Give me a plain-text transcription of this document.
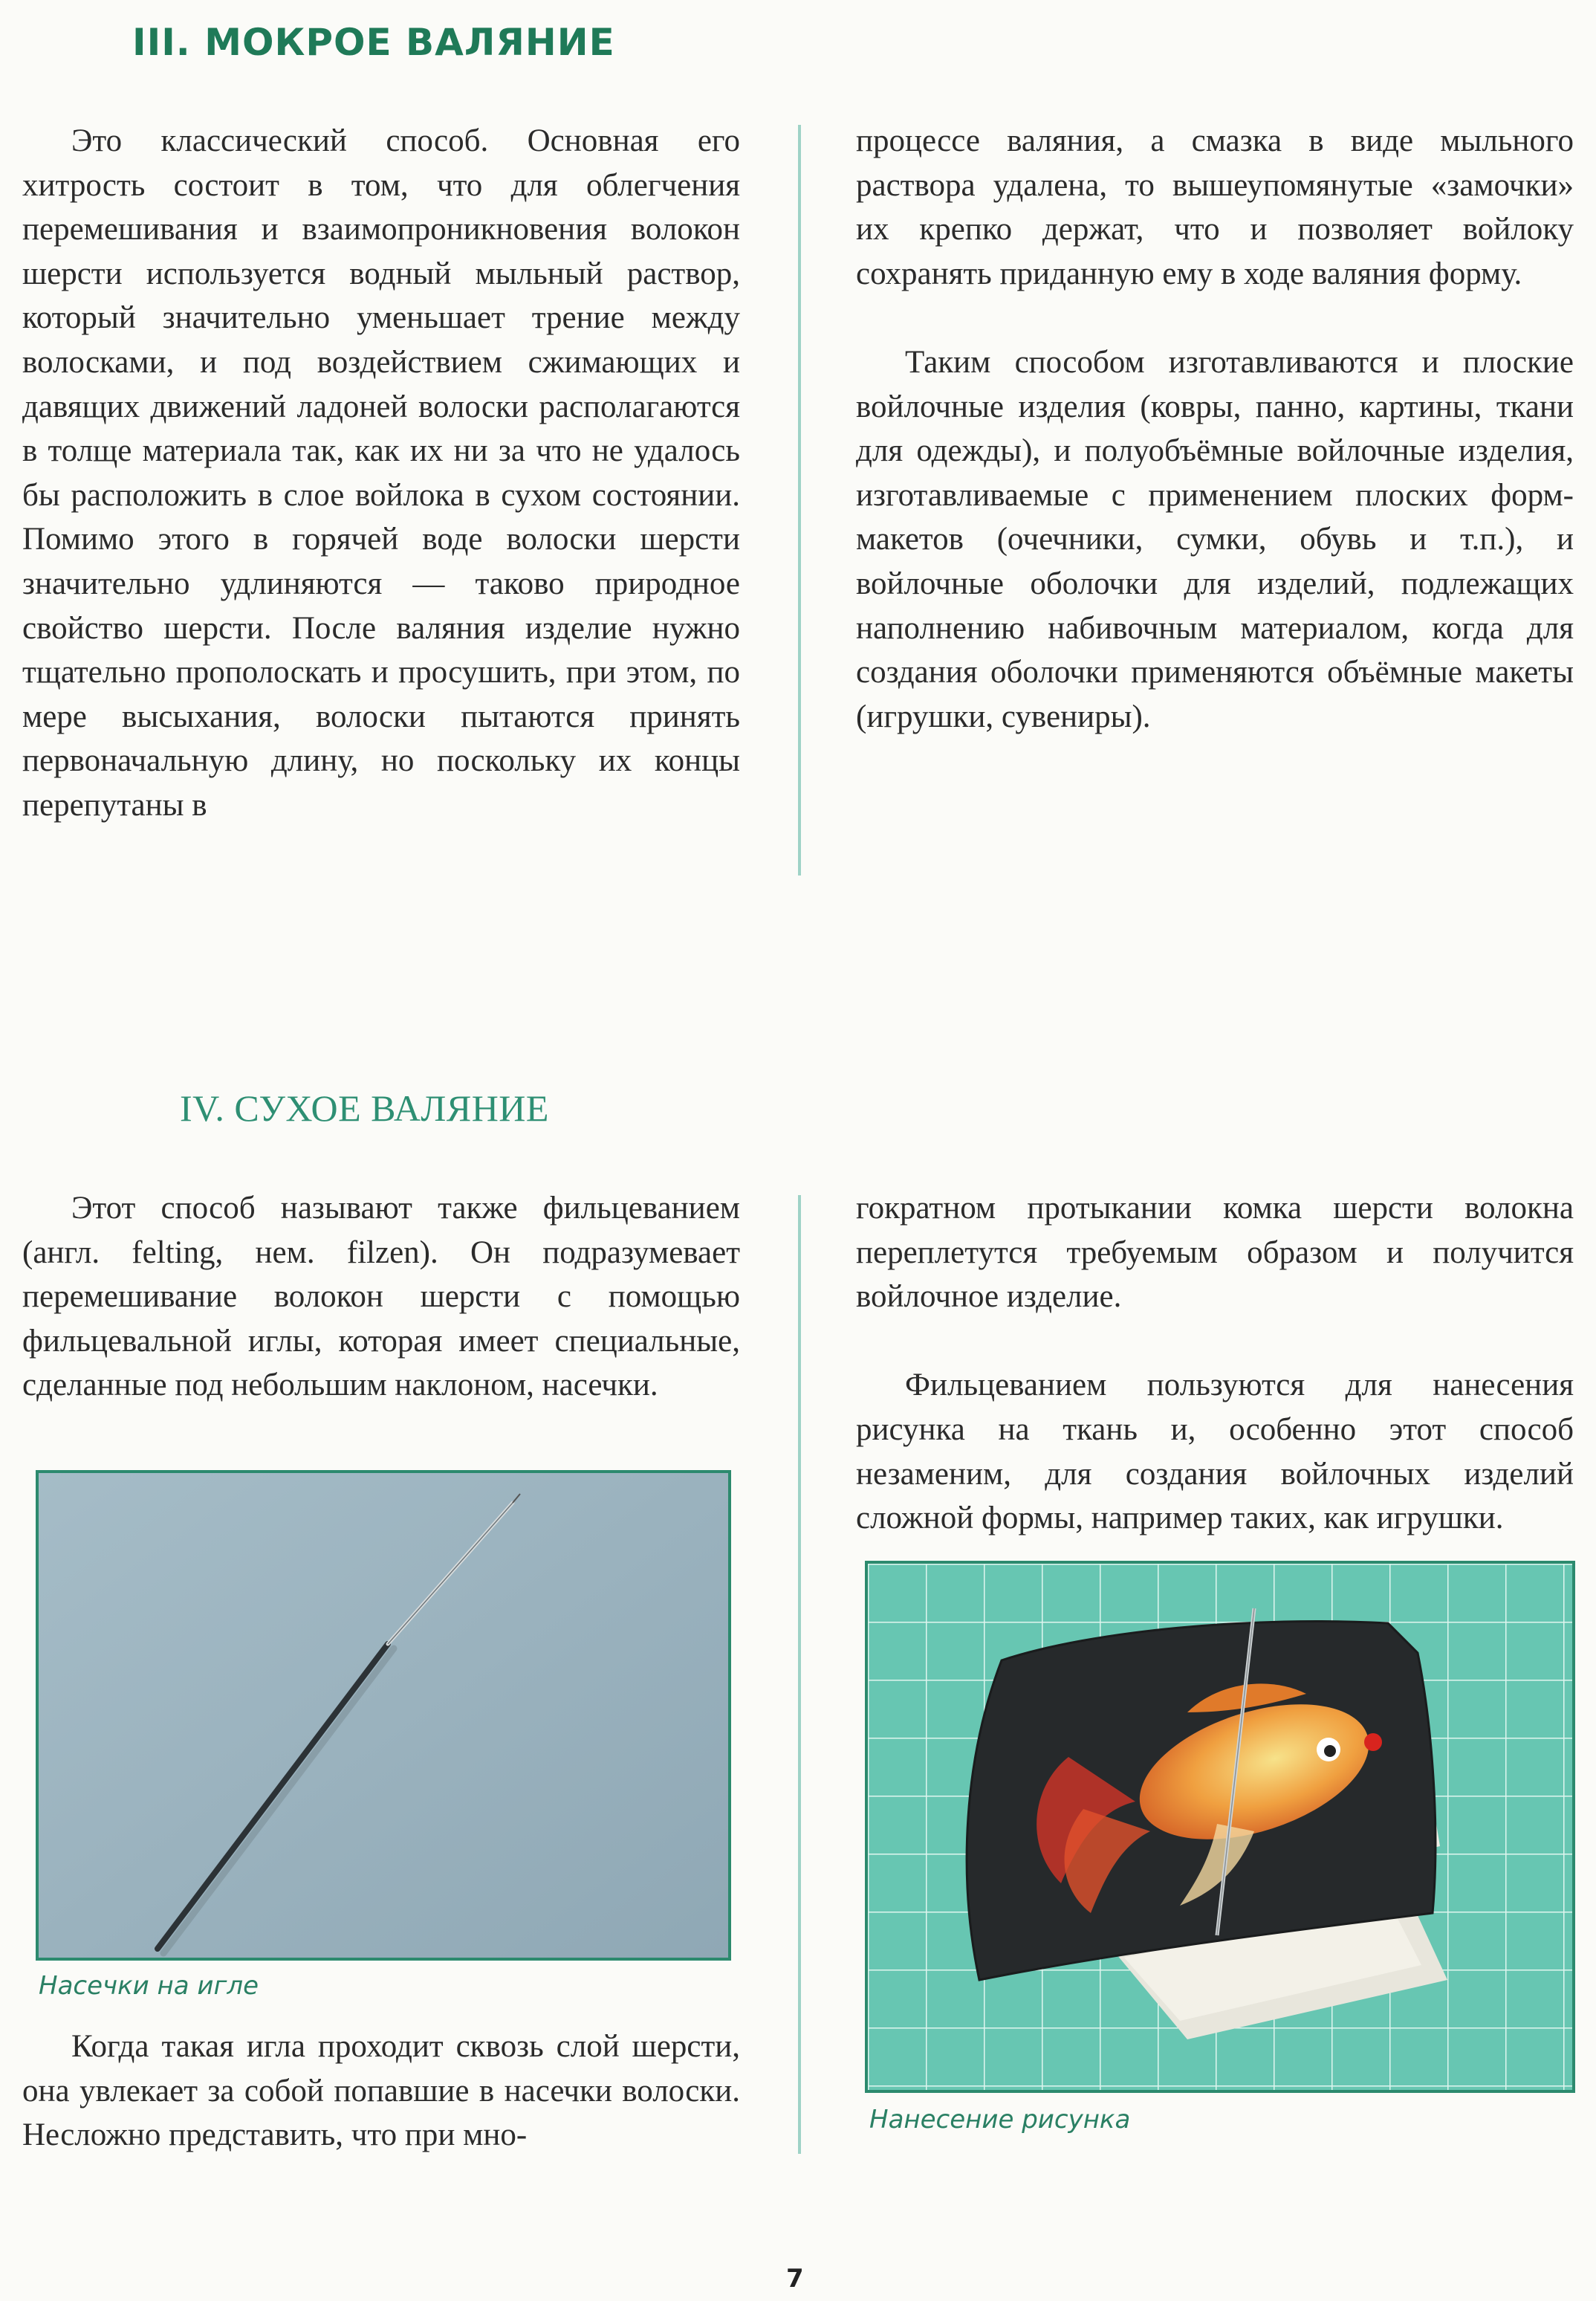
III. МОКРОЕ ВАЛЯНИЕ

Это классический способ. Основная его хитрость состоит в том, что для облегчения перемешивания и взаимопроникновения волокон шерсти используется водный мыльный раствор, который значительно уменьшает трение между волосками, и под воздействием сжимающих и давящих движений ладоней волоски располагаются в толще материала так, как их ни за что не удалось бы расположить в слое войлока в сухом состоянии. Помимо этого в горячей воде волоски шерсти значительно удлиняются — таково природное свойство шерсти. После валяния изделие нужно тщательно прополоскать и просушить, при этом, по мере высыхания, волоски пытаются принять первоначальную длину, но поскольку их концы перепутаны в

процессе валяния, а смазка в виде мыльного раствора удалена, то вышеупомянутые «замочки» их крепко держат, что и позволяет войлоку сохранять приданную ему в ходе валяния форму.

Таким способом изготавливаются и плоские войлочные изделия (ковры, панно, картины, ткани для одежды), и полуобъёмные войлочные изделия, изготавливаемые с применением плоских форм-макетов (очечники, сумки, обувь и т.п.), и войлочные оболочки для изделий, подлежащих наполнению набивочным материалом, когда для создания оболочки применяются объёмные макеты (игрушки, сувениры).

IV. СУХОЕ ВАЛЯНИЕ

Этот способ называют также фильцеванием (англ. felting, нем. filzen). Он подразумевает перемешивание волокон шерсти с помощью фильцевальной иглы, которая имеет специальные, сделанные под небольшим наклоном, насечки.

Насечки на игле

Когда такая игла проходит сквозь слой шерсти, она увлекает за собой попавшие в насечки волоски. Несложно представить, что при мно-

гократном протыкании комка шерсти волокна переплетутся требуемым образом и получится войлочное изделие.

Фильцеванием пользуются для нанесения рисунка на ткань и, особенно этот способ незаменим, для создания войлочных изделий сложной формы, например таких, как игрушки.

Нанесение рисунка

7
